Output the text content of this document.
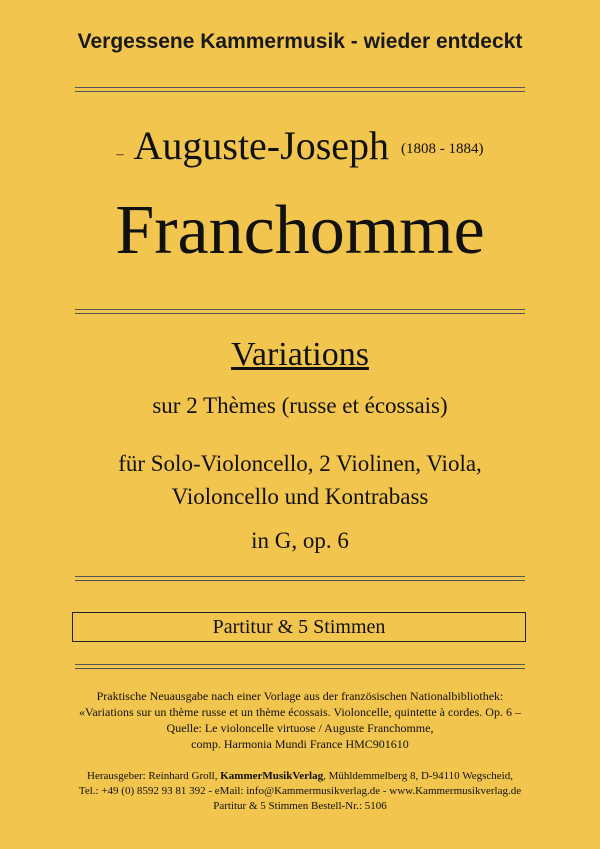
Vergessene Kammermusik - wieder entdeckt
– Auguste-Joseph (1808 - 1884)
Franchomme
Variations
sur 2 Thèmes (russe et écossais)
für Solo-Violoncello, 2 Violinen, Viola,
Violoncello und Kontrabass
in G, op. 6
Partitur & 5 Stimmen
Praktische Neuausgabe nach einer Vorlage aus der französischen Nationalbibliothek:
«Variations sur un thème russe et un thème écossais. Violoncelle, quintette à cordes. Op. 6 –
Quelle: Le violoncelle virtuose / Auguste Franchomme,
comp. Harmonia Mundi France HMC901610
Herausgeber: Reinhard Groll, KammerMusikVerlag, Mühldemmelberg 8, D-94110 Wegscheid,
Tel.: +49 (0) 8592 93 81 392 - eMail: info@Kammermusikverlag.de - www.Kammermusikverlag.de
Partitur & 5 Stimmen Bestell-Nr.: 5106
